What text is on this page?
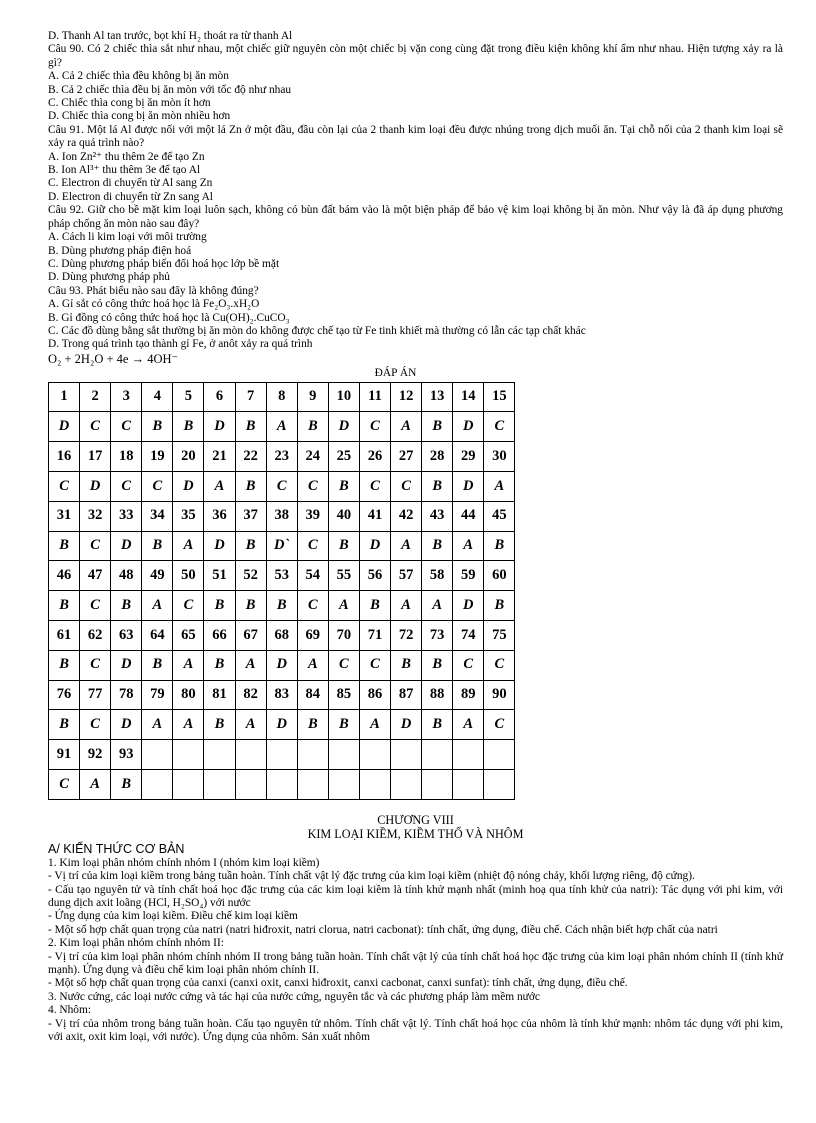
D. Thanh Al tan trước, bọt khí H₂ thoát ra từ thanh Al
Câu 90. Có 2 chiếc thìa sắt như nhau, một chiếc giữ nguyên còn một chiếc bị vặn cong cùng đặt trong điều kiện không khí ẩm như nhau. Hiện tượng xảy ra là gì?
A. Cả 2 chiếc thìa đều không bị ăn mòn
B. Cả 2 chiếc thìa đều bị ăn mòn với tốc độ như nhau
C. Chiếc thìa cong bị ăn mòn ít hơn
D. Chiếc thìa cong bị ăn mòn nhiều hơn
Câu 91. Một lá Al được nối với một lá Zn ở một đầu, đầu còn lại của 2 thanh kim loại đều được nhúng trong dịch muối ăn. Tại chỗ nối của 2 thanh kim loại sẽ xảy ra quá trình nào?
A. Ion Zn²⁺ thu thêm 2e để tạo Zn
B. Ion Al³⁺ thu thêm 3e để tạo Al
C. Electron di chuyển từ Al sang Zn
D. Electron di chuyển từ Zn sang Al
Câu 92. Giữ cho bề mặt kim loại luôn sạch, không có bùn đất bám vào là một biện pháp để bảo vệ kim loại không bị ăn mòn. Như vậy là đã áp dụng phương pháp chống ăn mòn nào sau đây?
A. Cách li kim loại với môi trường
B. Dùng phương pháp điện hoá
C. Dùng phương pháp biến đổi hoá học lớp bề mặt
D. Dùng phương pháp phủ
Câu 93. Phát biểu nào sau đây là không đúng?
A. Gỉ sắt có công thức hoá học là Fe₂O₃.xH₂O
B. Gỉ đồng có công thức hoá học là Cu(OH)₂.CuCO₃
C. Các đồ dùng bằng sắt thường bị ăn mòn do không được chế tạo từ Fe tinh khiết mà thường có lẫn các tạp chất khác
D. Trong quá trình tạo thành gỉ Fe, ở anôt xảy ra quá trình
O₂ + 2H₂O + 4e → 4OH⁻
ĐÁP ÁN
1	2	3	4	5	6	7	8	9	10	11	12	13	14	15
D	C	C	B	B	D	B	A	B	D	C	A	B	D	C
16	17	18	19	20	21	22	23	24	25	26	27	28	29	30
C	D	C	C	D	A	B	C	C	B	C	C	B	D	A
31	32	33	34	35	36	37	38	39	40	41	42	43	44	45
B	C	D	B	A	D	B	D`	C	B	D	A	B	A	B
46	47	48	49	50	51	52	53	54	55	56	57	58	59	60
B	C	B	A	C	B	B	B	C	A	B	A	A	D	B
61	62	63	64	65	66	67	68	69	70	71	72	73	74	75
B	C	D	B	A	B	A	D	A	C	C	B	B	C	C
76	77	78	79	80	81	82	83	84	85	86	87	88	89	90
B	C	D	A	A	B	A	D	B	B	A	D	B	A	C
91	92	93												
C	A	B												
CHƯƠNG VIII
KIM LOẠI KIỀM, KIỀM THỔ VÀ NHÔM
A/ KIẾN THỨC CƠ BẢN
1. Kim loại phân nhóm chính nhóm I (nhóm kim loại kiềm)
- Vị trí của kim loại kiềm trong bảng tuần hoàn. Tính chất vật lý đặc trưng của kim loại kiềm (nhiệt độ nóng chảy, khối lượng riêng, độ cứng).
- Cấu tạo nguyên tử và tính chất hoá học đặc trưng của các kim loại kiềm là tính khử mạnh nhất (minh hoạ qua tính khử của natri): Tác dụng với phi kim, với dung dịch axit loãng (HCl, H₂SO₄) với nước
- Ứng dụng của kim loại kiềm. Điều chế kim loại kiềm
- Một số hợp chất quan trọng của natri (natri hiđroxit, natri clorua, natri cacbonat): tính chất, ứng dụng, điều chế. Cách nhận biết hợp chất của natri
2. Kim loại phân nhóm chính nhóm II:
- Vị trí của kim loại phân nhóm chính nhóm II trong bảng tuần hoàn. Tính chất vật lý của tính chất hoá học đặc trưng của kim loại phân nhóm chính II (tính khử mạnh). Ứng dụng và điều chế kim loại phân nhóm chính II.
- Một số hợp chất quan trọng của canxi (canxi oxit, canxi hiđroxit, canxi cacbonat, canxi sunfat): tính chất, ứng dụng, điều chế.
3. Nước cứng, các loại nước cứng và tác hại của nước cứng, nguyên tắc và các phương pháp làm mềm nước
4. Nhôm:
- Vị trí của nhôm trong bảng tuần hoàn. Cấu tạo nguyên tử nhôm. Tính chất vật lý. Tính chất hoá học của nhôm là tính khử mạnh: nhôm tác dụng với phi kim, với axit, oxit kim loại, với nước). Ứng dụng của nhôm. Sản xuất nhôm
